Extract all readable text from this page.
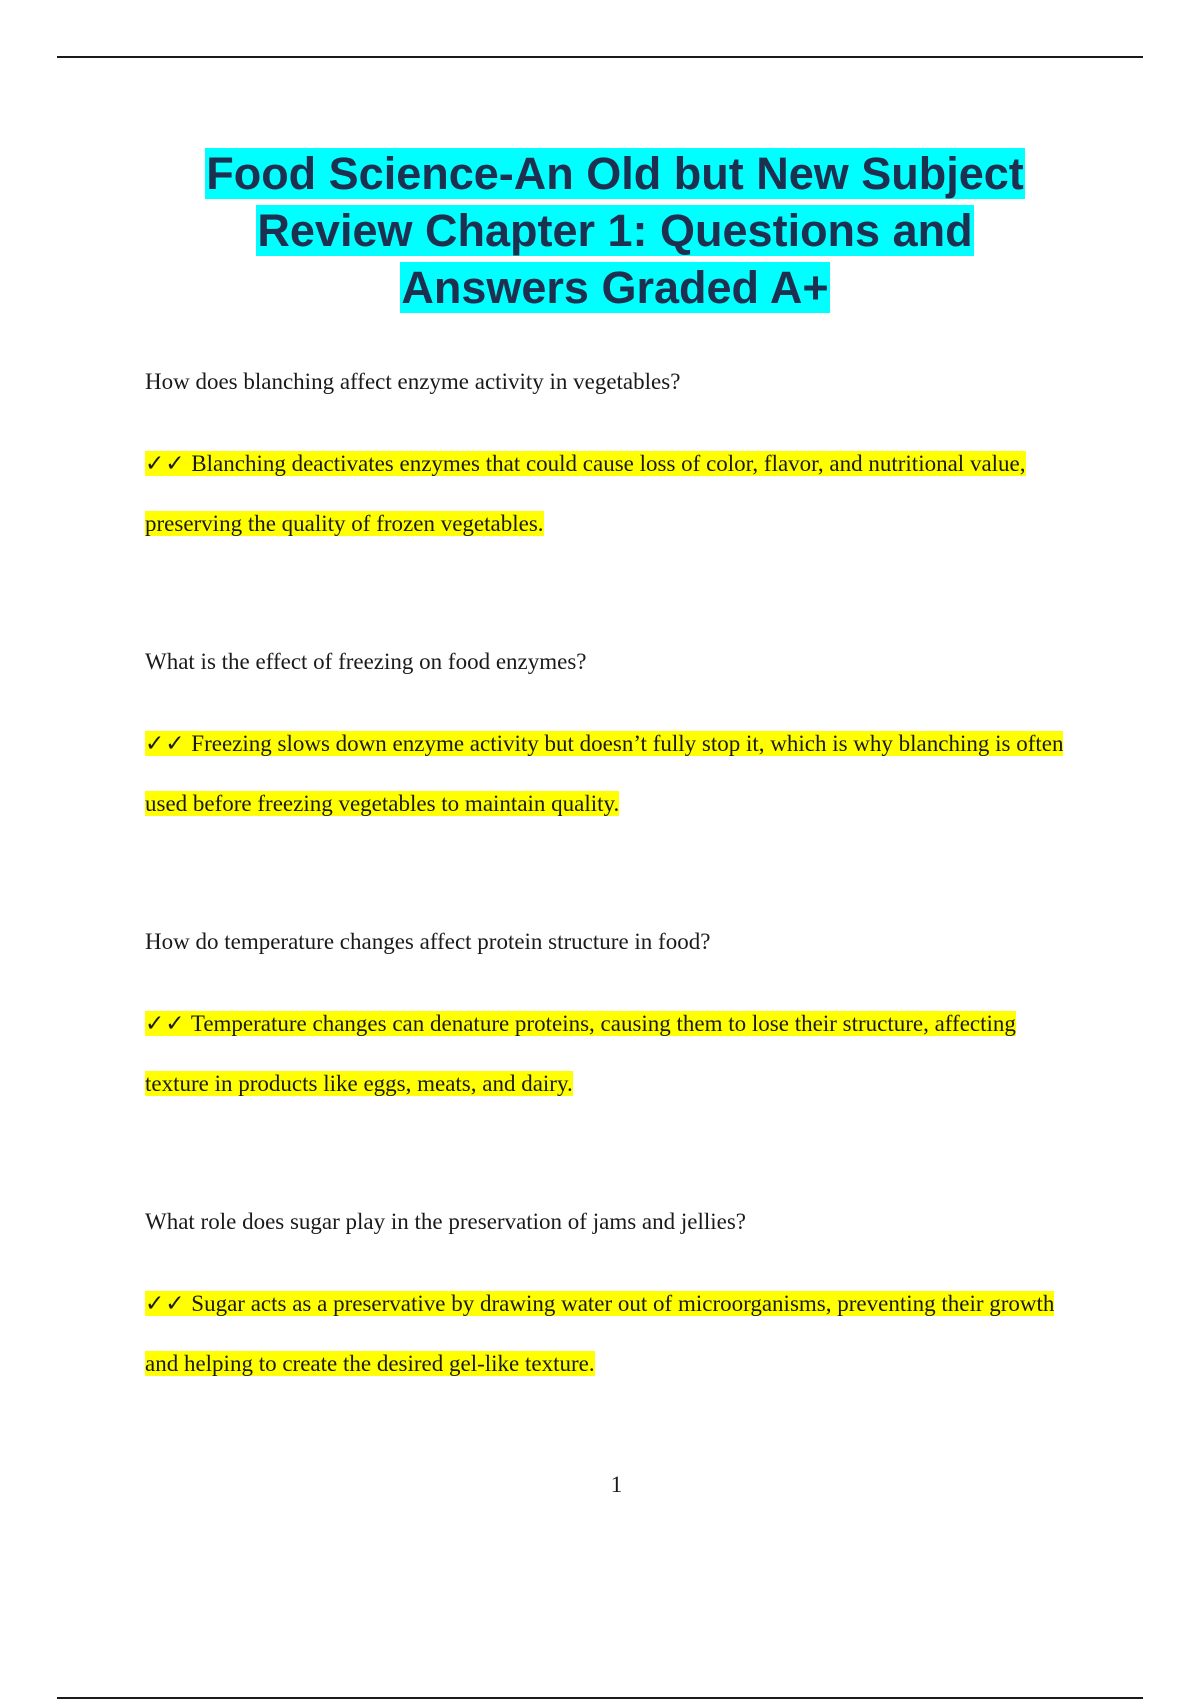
Food Science-An Old but New Subject
Review Chapter 1: Questions and
Answers Graded A+

How does blanching affect enzyme activity in vegetables?

✓✓ Blanching deactivates enzymes that could cause loss of color, flavor, and nutritional value, preserving the quality of frozen vegetables.

What is the effect of freezing on food enzymes?

✓✓ Freezing slows down enzyme activity but doesn’t fully stop it, which is why blanching is often used before freezing vegetables to maintain quality.

How do temperature changes affect protein structure in food?

✓✓ Temperature changes can denature proteins, causing them to lose their structure, affecting texture in products like eggs, meats, and dairy.

What role does sugar play in the preservation of jams and jellies?

✓✓ Sugar acts as a preservative by drawing water out of microorganisms, preventing their growth and helping to create the desired gel-like texture.

1
